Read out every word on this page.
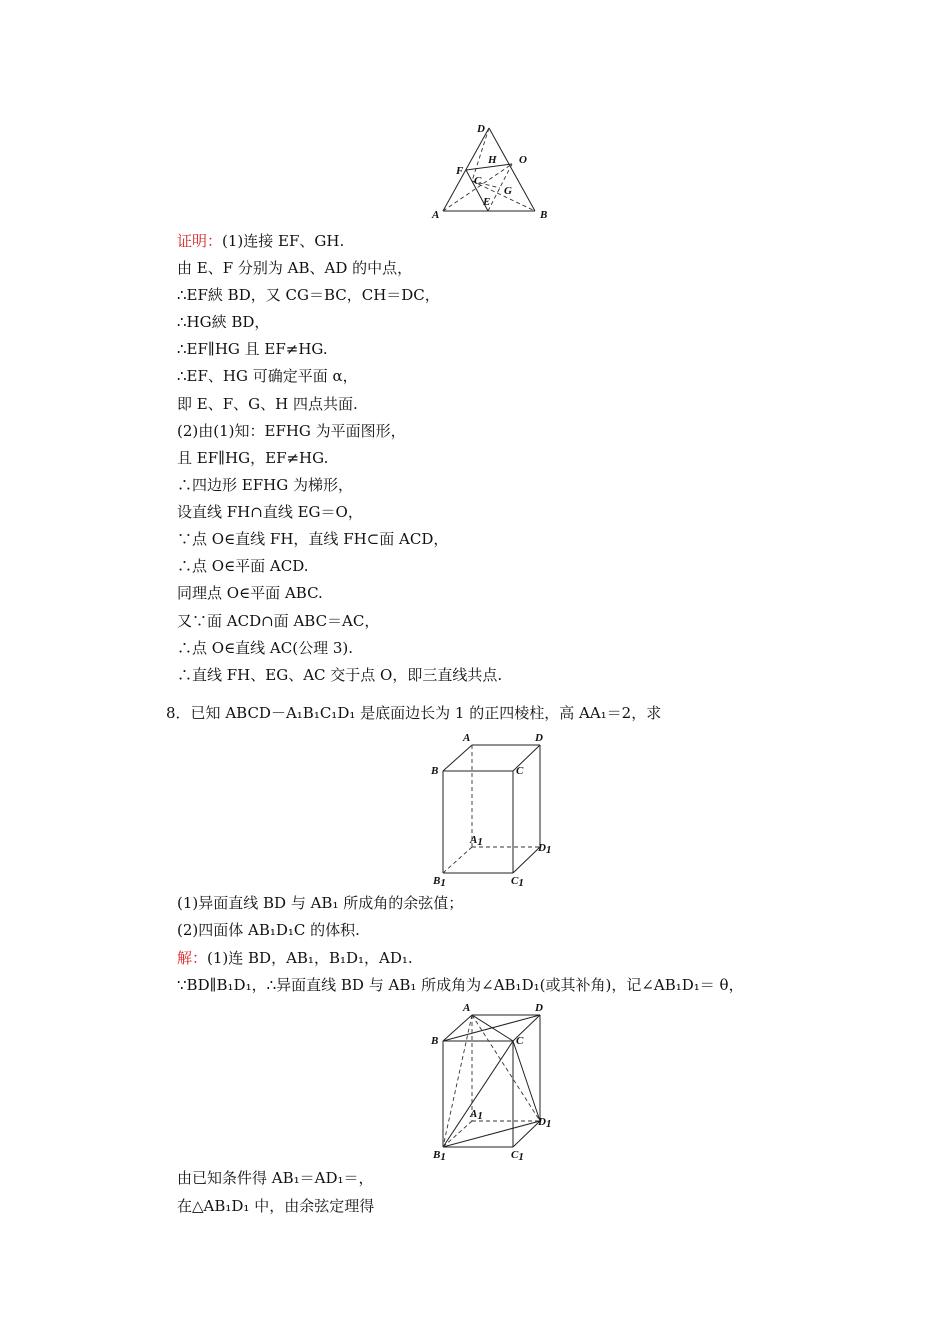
D
H O
F
C
G
E
A	B
证明：(1)连接 EF、GH.
由 E、F 分别为 AB、AD 的中点，
∴EF綊 BD，又 CG＝BC，CH＝DC，
∴HG綊 BD，
∴EF∥HG 且 EF≠HG.
∴EF、HG 可确定平面 α，
即 E、F、G、H 四点共面.
(2)由(1)知：EFHG 为平面图形，
且 EF∥HG，EF≠HG.
∴四边形 EFHG 为梯形，
设直线 FH∩直线 EG＝O，
∵点 O∈直线 FH，直线 FH⊂面 ACD，
∴点 O∈平面 ACD.
同理点 O∈平面 ABC.
又∵面 ACD∩面 ABC＝AC，
∴点 O∈直线 AC(公理 3).
∴直线 FH、EG、AC 交于点 O，即三直线共点.
8．已知 ABCD－A₁B₁C₁D₁ 是底面边长为 1 的正四棱柱，高 AA₁＝2，求
A	D
B	C
A1	D1
B1	C1
(1)异面直线 BD 与 AB₁ 所成角的余弦值；
(2)四面体 AB₁D₁C 的体积.
解：(1)连 BD，AB₁，B₁D₁，AD₁.
∵BD∥B₁D₁，∴异面直线 BD 与 AB₁ 所成角为∠AB₁D₁(或其补角)，记∠AB₁D₁＝ θ，
A	D
B	C
A1	D1
B1	C1
由已知条件得 AB₁＝AD₁＝，
在△AB₁D₁ 中，由余弦定理得
